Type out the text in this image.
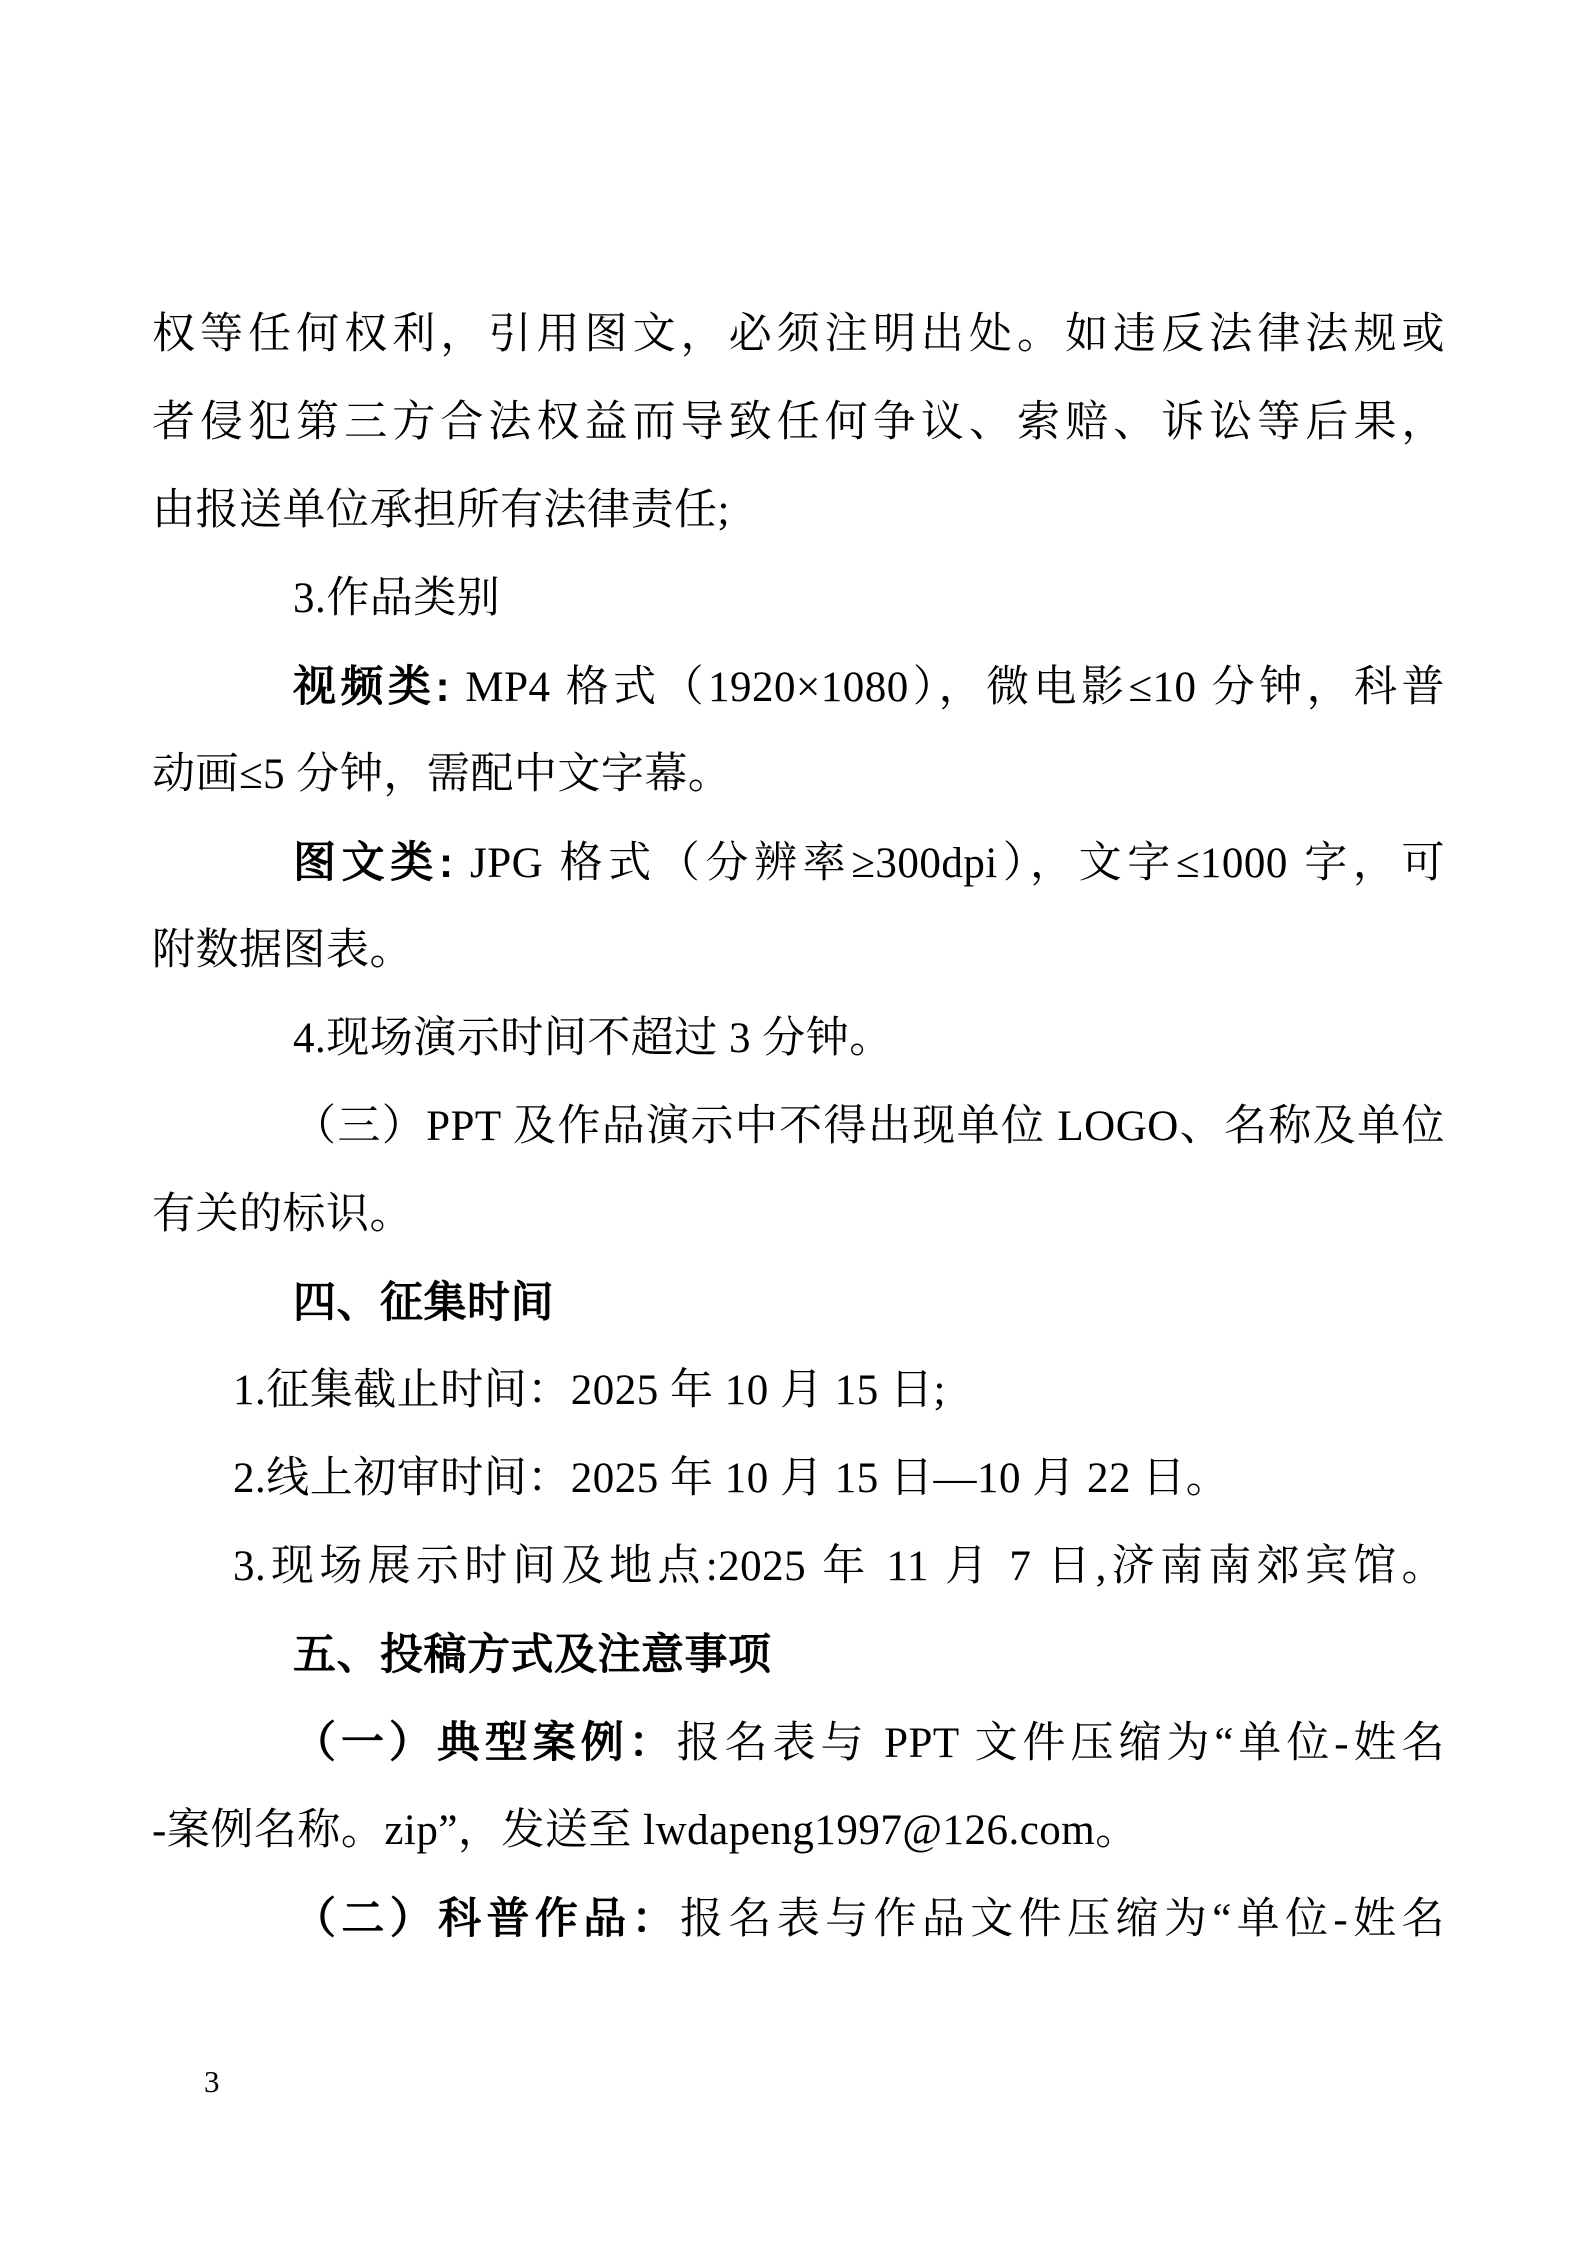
权等任何权利，引用图文，必须注明出处。如违反法律法规或
者侵犯第三方合法权益而导致任何争议、索赔、诉讼等后果，
由报送单位承担所有法律责任;
3.作品类别
视频类: MP4 格式（1920×1080），微电影≤10 分钟，科普
动画≤5 分钟，需配中文字幕。
图文类: JPG 格式（分辨率≥300dpi），文字≤1000 字，可
附数据图表。
4.现场演示时间不超过 3 分钟。
（三）PPT 及作品演示中不得出现单位 LOGO、名称及单位
有关的标识。
四、征集时间
1.征集截止时间：2025 年 10 月 15 日;
2.线上初审时间：2025 年 10 月 15 日—10 月 22 日。
3.现场展示时间及地点:2025 年 11 月 7 日,济南南郊宾馆。
五、投稿方式及注意事项
（一）典型案例：报名表与 PPT 文件压缩为“单位-姓名
-案例名称。zip”，发送至 lwdapeng1997@126.com。
（二）科普作品：报名表与作品文件压缩为“单位-姓名
3
